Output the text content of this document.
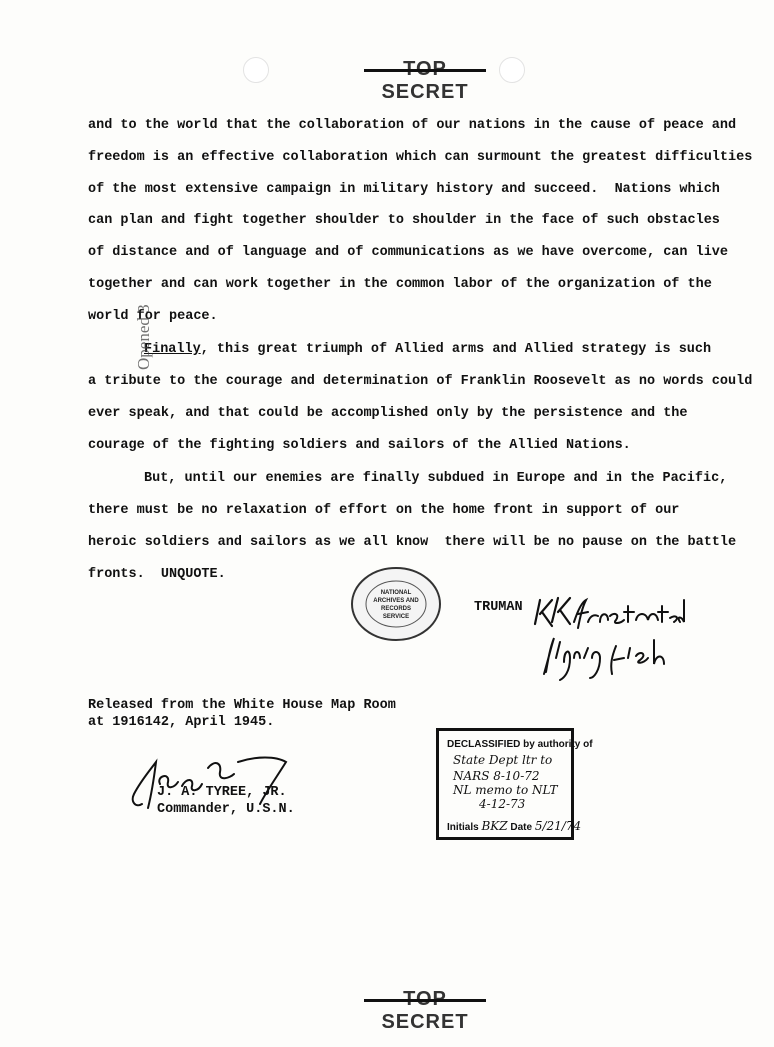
SECRET
and to the world that the collaboration of our nations in the cause of peace and
freedom is an effective collaboration which can surmount the greatest difficulties
of the most extensive campaign in military history and succeed.  Nations which
can plan and fight together shoulder to shoulder in the face of such obstacles
of distance and of language and of communications as we have overcome, can live
together and can work together in the common labor of the organization of the
world for peace.
Finally, this great triumph of Allied arms and Allied strategy is such
a tribute to the courage and determination of Franklin Roosevelt as no words could
ever speak, and that could be accomplished only by the persistence and the
courage of the fighting soldiers and sailors of the Allied Nations.
But, until our enemies are finally subdued in Europe and in the Pacific,
there must be no relaxation of effort on the home front in support of our
heroic soldiers and sailors as we all know  there will be no pause on the battle
fronts.  UNQUOTE.
Opened 3
NATIONAL
ARCHIVES AND
RECORDS
SERVICE
TRUMAN
Released from the White House Map Room
at 1916142, April 1945.
J. A. TYREE, JR.
Commander, U.S.N.
DECLASSIFIED by authority of
State Dept ltr to
NARS 8-10-72
NL memo to NLT
4-12-73
Initials BKZ Date 5/21/74
SECRET
